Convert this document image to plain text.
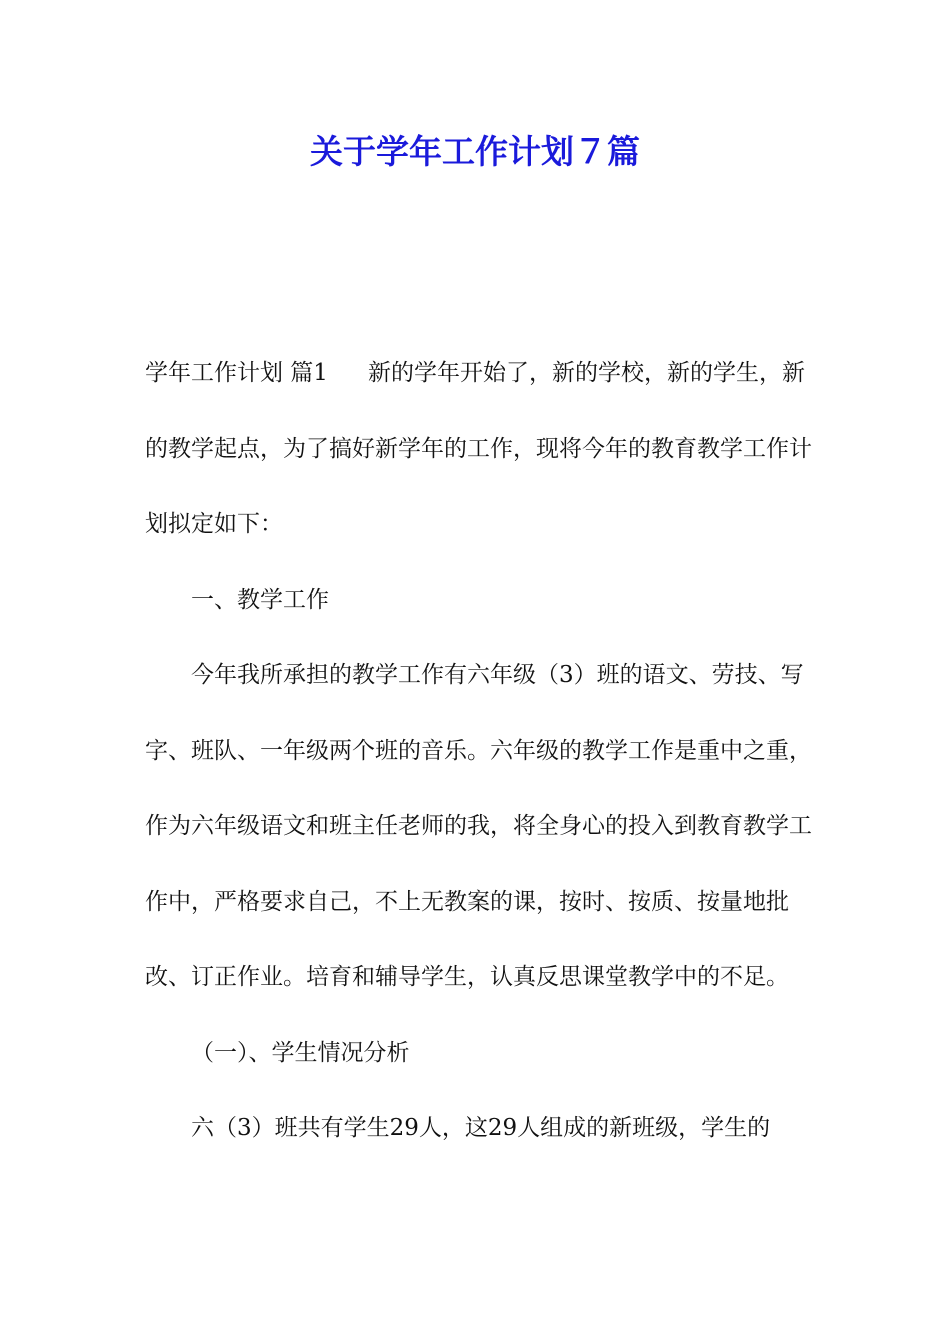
关于学年工作计划７篇

学年工作计划 篇1 新的学年开始了，新的学校，新的学生，新的教学起点，为了搞好新学年的工作，现将今年的教育教学工作计划拟定如下：

一、教学工作

今年我所承担的教学工作有六年级（3）班的语文、劳技、写字、班队、一年级两个班的音乐。六年级的教学工作是重中之重，作为六年级语文和班主任老师的我，将全身心的投入到教育教学工作中，严格要求自己，不上无教案的课，按时、按质、按量地批改、订正作业。培育和辅导学生，认真反思课堂教学中的不足。

（一）、学生情况分析

六（3）班共有学生29人，这29人组成的新班级，学生的
